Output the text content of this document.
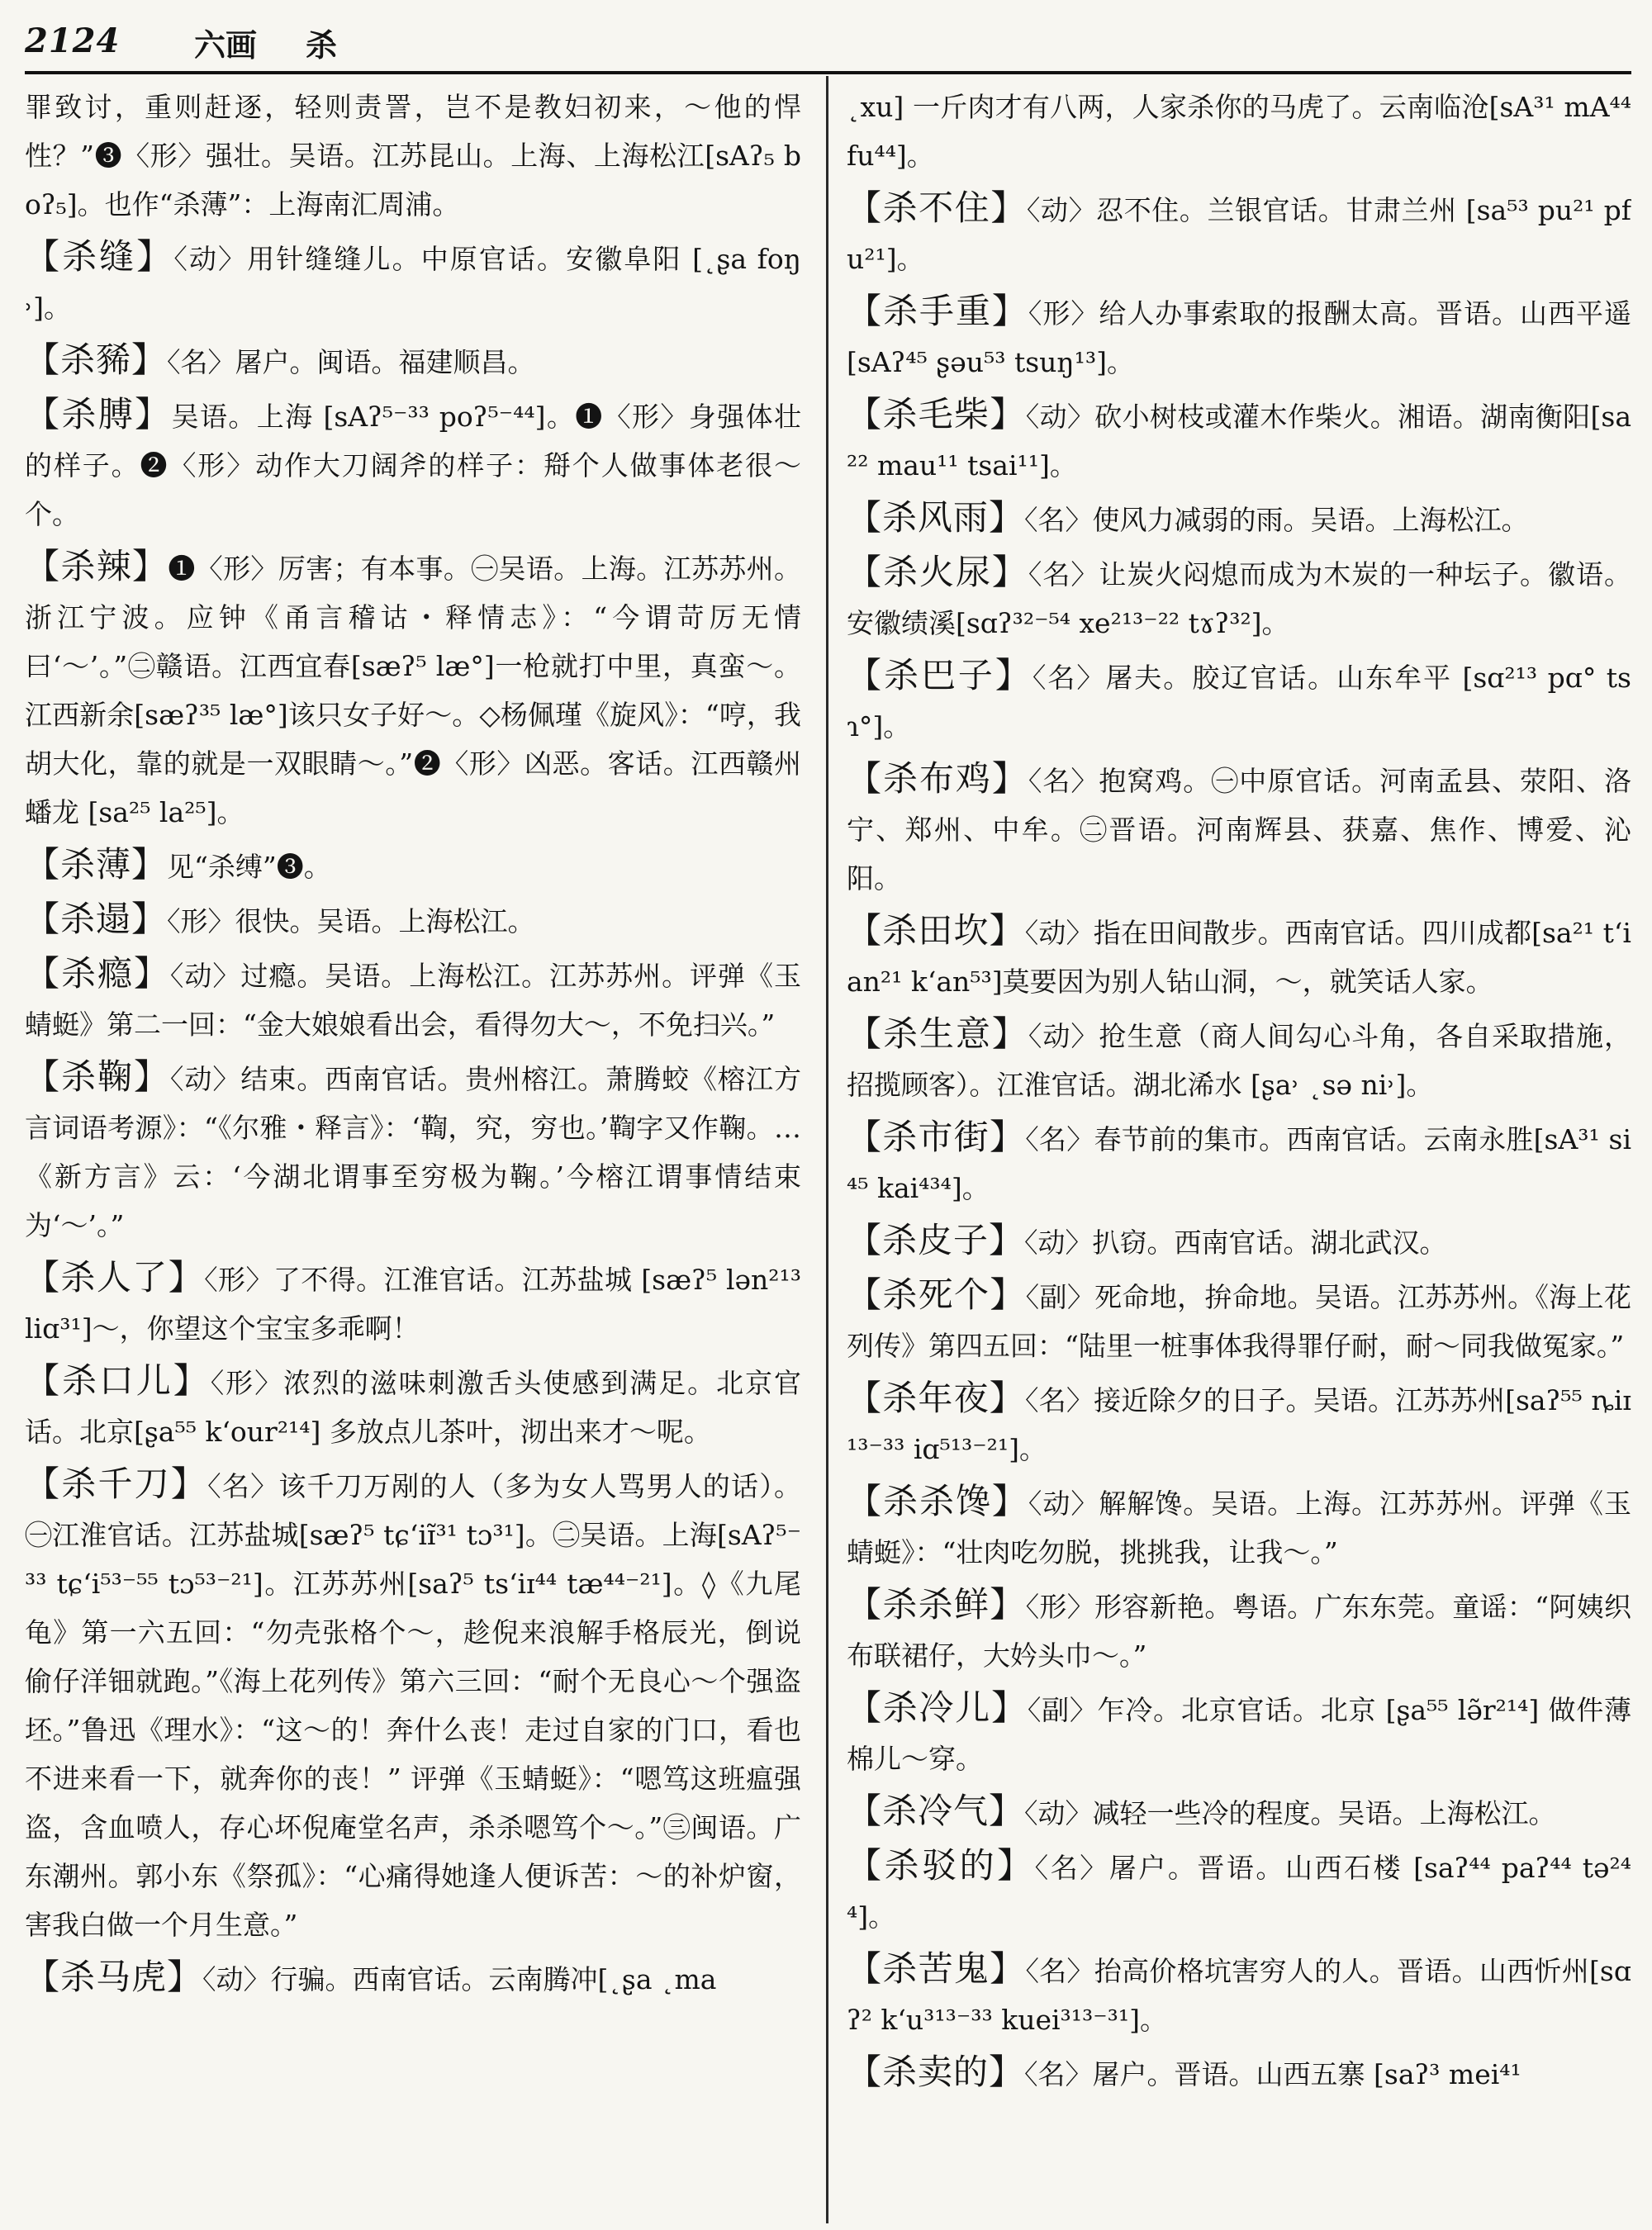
2124 六画 杀
罪致讨，重则赶逐，轻则责詈，岂不是教妇初来，～他的悍性？”❸〈形〉强壮。吴语。江苏昆山。上海、上海松江[sAʔ₅ boʔ₅]。也作“杀薄”：上海南汇周浦。
【杀缝】〈动〉用针缝缝儿。中原官话。安徽阜阳 [˛ʂa foŋ˒]。
【杀豨】〈名〉屠户。闽语。福建顺昌。
【杀膊】吴语。上海 [sAʔ⁵⁻³³ poʔ⁵⁻⁴⁴]。❶〈形〉身强体壮的样子。❷〈形〉动作大刀阔斧的样子：搿个人做事体老很～个。
【杀辣】❶〈形〉厉害；有本事。㊀吴语。上海。江苏苏州。浙江宁波。应钟《甬言稽诂・释情志》：“今谓苛厉无情曰‘～’。”㊁赣语。江西宜春[sæʔ⁵ læ°]一枪就打中里，真蛮～。江西新余[sæʔ³⁵ læ°]该只女子好～。◇杨佩瑾《旋风》：“哼，我胡大化，靠的就是一双眼睛～。”❷〈形〉凶恶。客话。江西赣州蟠龙 [sa²⁵ la²⁵]。
【杀薄】见“杀缚”❸。
【杀遢】〈形〉很快。吴语。上海松江。
【杀瘾】〈动〉过瘾。吴语。上海松江。江苏苏州。评弹《玉蜻蜓》第二一回：“金大娘娘看出会，看得勿大～，不免扫兴。”
【杀鞠】〈动〉结束。西南官话。贵州榕江。萧腾蛟《榕江方言词语考源》：“《尔雅・释言》：‘鞫，究，穷也。’鞫字又作鞠。…《新方言》云：‘今湖北谓事至穷极为鞠。’今榕江谓事情结束为‘～’。”
【杀人了】〈形〉了不得。江淮官话。江苏盐城 [sæʔ⁵ lən²¹³ liɑ³¹]～，你望这个宝宝多乖啊！
【杀口儿】〈形〉浓烈的滋味刺激舌头使感到满足。北京官话。北京[ʂa⁵⁵ k‘our²¹⁴] 多放点儿茶叶，沏出来才～呢。
【杀千刀】〈名〉该千刀万剐的人（多为女人骂男人的话）。㊀江淮官话。江苏盐城[sæʔ⁵ tɕ‘iɪ̃³¹ tɔ³¹]。㊁吴语。上海[sAʔ⁵⁻³³ tɕ‘i⁵³⁻⁵⁵ tɔ⁵³⁻²¹]。江苏苏州[saʔ⁵ ts‘iɪ⁴⁴ tæ⁴⁴⁻²¹]。◊《九尾龟》第一六五回：“勿壳张格个～，趁倪来浪解手格辰光，倒说偷仔洋钿就跑。”《海上花列传》第六三回：“耐个无良心～个强盗坯。”鲁迅《理水》：“这～的！奔什么丧！走过自家的门口，看也不进来看一下，就奔你的丧！” 评弹《玉蜻蜓》：“嗯笃这班瘟强盗，含血喷人，存心坏倪庵堂名声，杀杀嗯笃个～。”㊂闽语。广东潮州。郭小东《祭孤》：“心痛得她逢人便诉苦：～的补炉窗， 害我白做一个月生意。”
【杀马虎】〈动〉行骗。西南官话。云南腾冲[˛ʂa ˛ma
˛xu] 一斤肉才有八两，人家杀你的马虎了。云南临沧[sA³¹ mA⁴⁴ fu⁴⁴]。
【杀不住】〈动〉忍不住。兰银官话。甘肃兰州 [sa⁵³ pu²¹ pfu²¹]。
【杀手重】〈形〉给人办事索取的报酬太高。晋语。山西平遥[sAʔ⁴⁵ ʂəu⁵³ tsuŋ¹³]。
【杀毛柴】〈动〉砍小树枝或灌木作柴火。湘语。湖南衡阳[sa²² mau¹¹ tsai¹¹]。
【杀风雨】〈名〉使风力减弱的雨。吴语。上海松江。
【杀火尿】〈名〉让炭火闷熄而成为木炭的一种坛子。徽语。安徽绩溪[sɑʔ³²⁻⁵⁴ xe²¹³⁻²² tɤʔ³²]。
【杀巴子】〈名〉屠夫。胶辽官话。山东牟平 [sɑ²¹³ pɑ° tsɿ°]。
【杀布鸡】〈名〉抱窝鸡。㊀中原官话。河南孟县、荥阳、洛宁、郑州、中牟。㊁晋语。河南辉县、获嘉、焦作、博爱、沁阳。
【杀田坎】〈动〉指在田间散步。西南官话。四川成都[sa²¹ t‘ian²¹ k‘an⁵³]莫要因为别人钻山洞，～，就笑话人家。
【杀生意】〈动〉抢生意（商人间勾心斗角，各自采取措施，招揽顾客）。江淮官话。湖北浠水 [ʂa˒ ˛sə ni˒]。
【杀市街】〈名〉春节前的集市。西南官话。云南永胜[sA³¹ si⁴⁵ kai⁴³⁴]。
【杀皮子】〈动〉扒窃。西南官话。湖北武汉。
【杀死个】〈副〉死命地，拚命地。吴语。江苏苏州。《海上花列传》第四五回：“陆里一桩事体我得罪仔耐，耐～同我做冤家。”
【杀年夜】〈名〉接近除夕的日子。吴语。江苏苏州[saʔ⁵⁵ ȵiɪ¹³⁻³³ iɑ⁵¹³⁻²¹]。
【杀杀馋】〈动〉解解馋。吴语。上海。江苏苏州。评弹《玉蜻蜓》：“壮肉吃勿脱，挑挑我，让我～。”
【杀杀鲜】〈形〉形容新艳。粤语。广东东莞。童谣：“阿姨织布联裙仔，大妗头巾～。”
【杀冷儿】〈副〉乍冷。北京官话。北京 [ʂa⁵⁵ lə̃r²¹⁴] 做件薄棉儿～穿。
【杀冷气】〈动〉减轻一些冷的程度。吴语。上海松江。
【杀驳的】〈名〉屠户。晋语。山西石楼 [saʔ⁴⁴ paʔ⁴⁴ tə²⁴⁴]。
【杀苦鬼】〈名〉抬高价格坑害穷人的人。晋语。山西忻州[sɑʔ² k‘u³¹³⁻³³ kuei³¹³⁻³¹]。
【杀卖的】〈名〉屠户。晋语。山西五寨 [saʔ³ mei⁴¹
